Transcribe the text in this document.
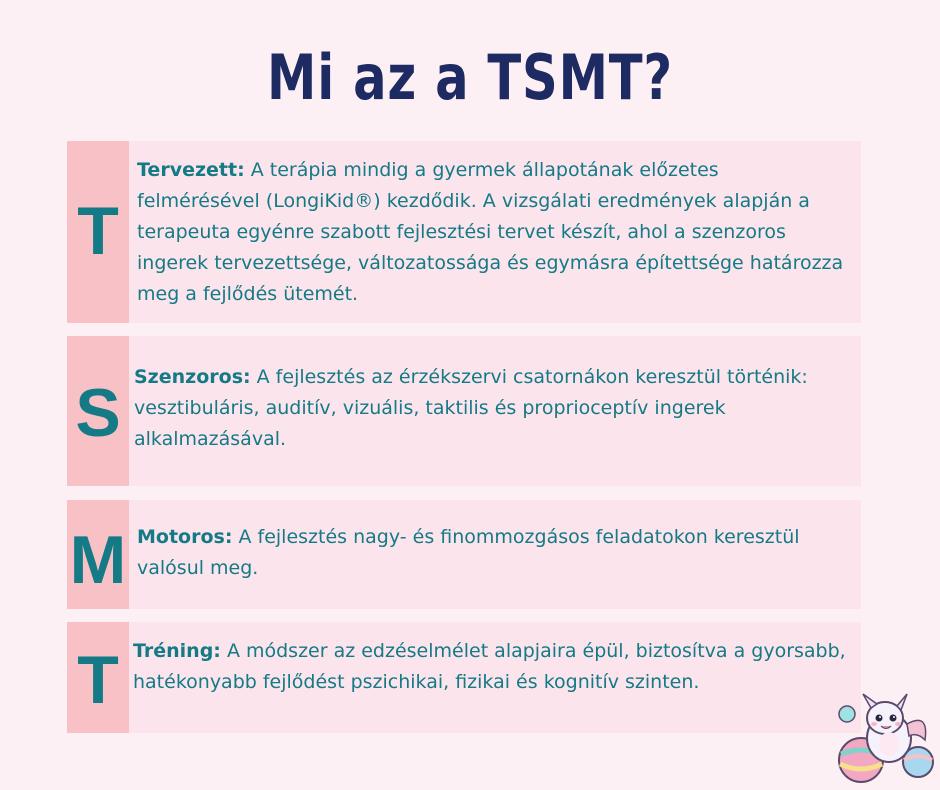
Mi az a TSMT?
T

Tervezett: A terápia mindig a gyermek állapotának előzetes felmérésével (LongiKid®) kezdődik. A vizsgálati eredmények alapján a terapeuta egyénre szabott fejlesztési tervet készít, ahol a szenzoros ingerek tervezettsége, változatossága és egymásra építettsége határozza meg a fejlődés ütemét.

S Szenzoros: A fejlesztés az érzékszervi csatornákon keresztül történik: vesztibuláris, auditív, vizuális, taktilis és proprioceptív ingerek alkalmazásával.

M Motoros: A fejlesztés nagy- és finommozgásos feladatokon keresztül valósul meg.

T Tréning: A módszer az edzéselmélet alapjaira épül, biztosítva a gyorsabb, hatékonyabb fejlődést pszichikai, fizikai és kognitív szinten.
